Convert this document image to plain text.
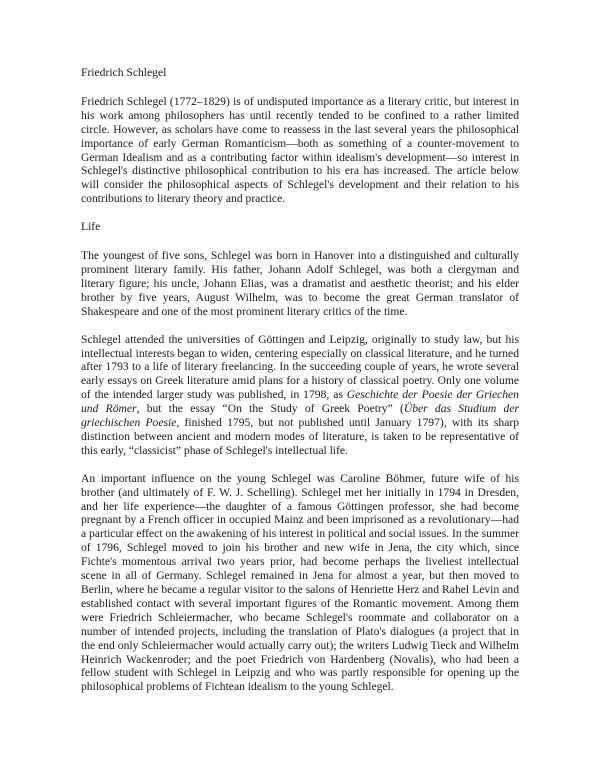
Friedrich Schlegel

Friedrich Schlegel (1772–1829) is of undisputed importance as a literary critic, but interest in his work among philosophers has until recently tended to be confined to a rather limited circle. However, as scholars have come to reassess in the last several years the philosophical importance of early German Romanticism—both as something of a counter-movement to German Idealism and as a contributing factor within idealism's development—so interest in Schlegel's distinctive philosophical contribution to his era has increased. The article below will consider the philosophical aspects of Schlegel's development and their relation to his contributions to literary theory and practice.

Life

The youngest of five sons, Schlegel was born in Hanover into a distinguished and culturally prominent literary family. His father, Johann Adolf Schlegel, was both a clergyman and literary figure; his uncle, Johann Elias, was a dramatist and aesthetic theorist; and his elder brother by five years, August Wilhelm, was to become the great German translator of Shakespeare and one of the most prominent literary critics of the time.

Schlegel attended the universities of Göttingen and Leipzig, originally to study law, but his intellectual interests began to widen, centering especially on classical literature, and he turned after 1793 to a life of literary freelancing. In the succeeding couple of years, he wrote several early essays on Greek literature amid plans for a history of classical poetry. Only one volume of the intended larger study was published, in 1798, as Geschichte der Poesie der Griechen und Römer, but the essay “On the Study of Greek Poetry” (Über das Studium der griechischen Poesie, finished 1795, but not published until January 1797), with its sharp distinction between ancient and modern modes of literature, is taken to be representative of this early, “classicist” phase of Schlegel's intellectual life.

An important influence on the young Schlegel was Caroline Böhmer, future wife of his brother (and ultimately of F. W. J. Schelling). Schlegel met her initially in 1794 in Dresden, and her life experience—the daughter of a famous Göttingen professor, she had become pregnant by a French officer in occupied Mainz and been imprisoned as a revolutionary—had a particular effect on the awakening of his interest in political and social issues. In the summer of 1796, Schlegel moved to join his brother and new wife in Jena, the city which, since Fichte's momentous arrival two years prior, had become perhaps the liveliest intellectual scene in all of Germany. Schlegel remained in Jena for almost a year, but then moved to Berlin, where he became a regular visitor to the salons of Henriette Herz and Rahel Levin and established contact with several important figures of the Romantic movement. Among them were Friedrich Schleiermacher, who became Schlegel's roommate and collaborator on a number of intended projects, including the translation of Plato's dialogues (a project that in the end only Schleiermacher would actually carry out); the writers Ludwig Tieck and Wilhelm Heinrich Wackenroder; and the poet Friedrich von Hardenberg (Novalis), who had been a fellow student with Schlegel in Leipzig and who was partly responsible for opening up the philosophical problems of Fichtean idealism to the young Schlegel.
